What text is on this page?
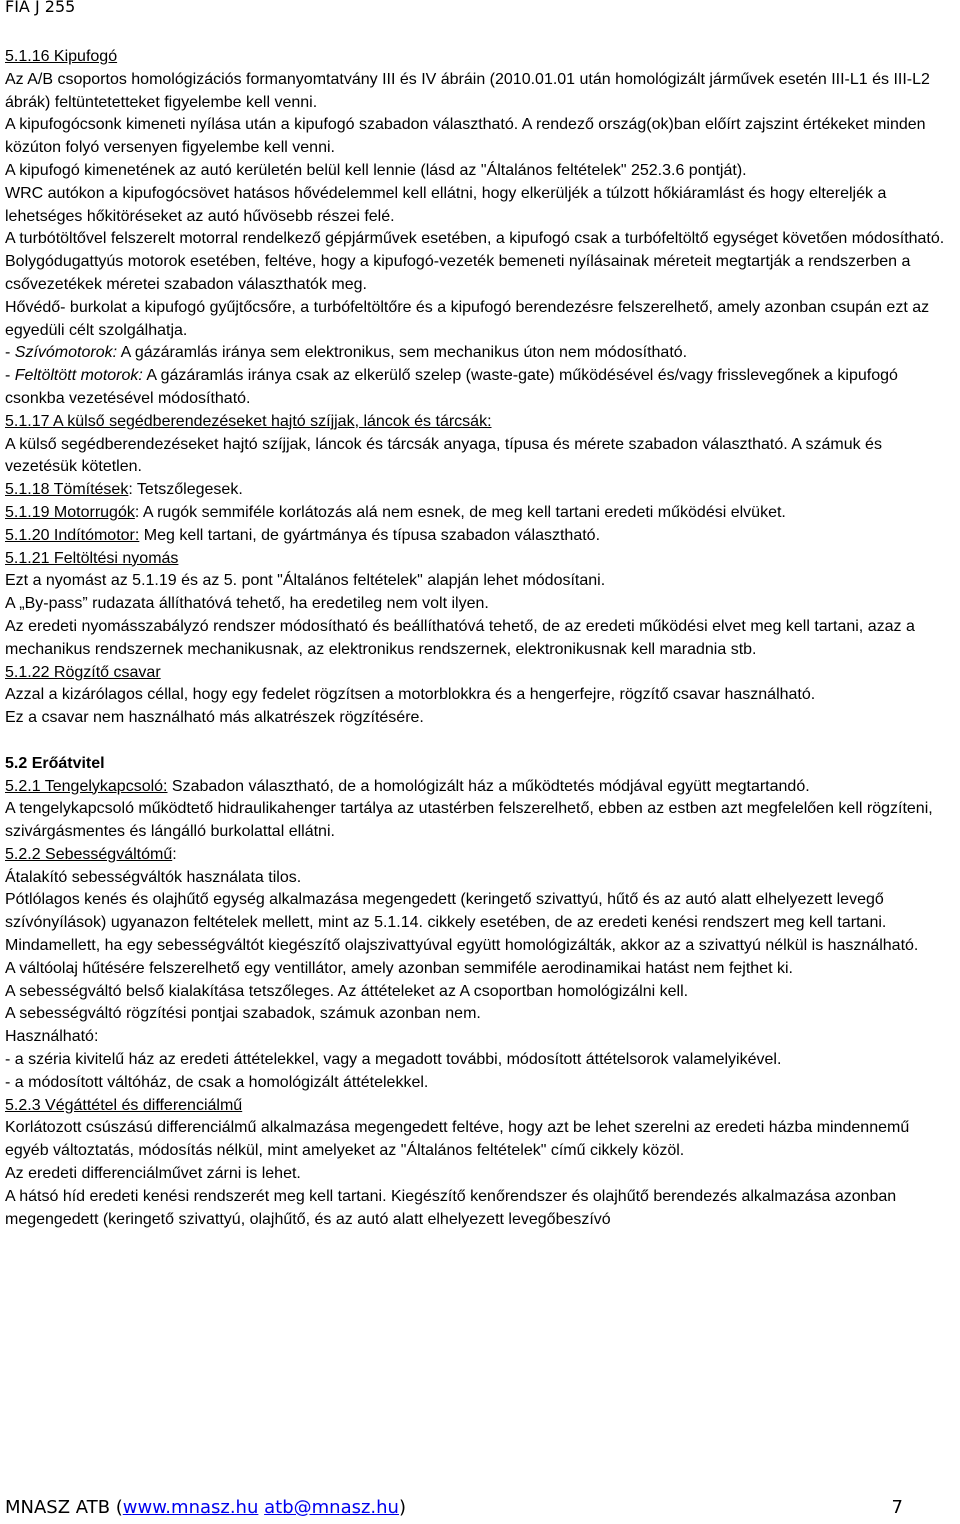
FIA J 255

5.1.16 Kipufogó

Az A/B csoportos homológizációs formanyomtatvány III és IV ábráin (2010.01.01 után homológizált járművek esetén III-L1 és III-L2 ábrák) feltüntetetteket figyelembe kell venni.

A kipufogócsonk kimeneti nyílása után a kipufogó szabadon választható. A rendező ország(ok)ban előírt zajszint értékeket minden közúton folyó versenyen figyelembe kell venni.

A kipufogó kimenetének az autó kerületén belül kell lennie (lásd az "Általános feltételek" 252.3.6 pontját).

WRC autókon a kipufogócsövet hatásos hővédelemmel kell ellátni, hogy elkerüljék a túlzott hőkiáramlást és hogy eltereljék a lehetséges hőkitöréseket az autó hűvösebb részei felé.

A turbótöltővel felszerelt motorral rendelkező gépjárművek esetében, a kipufogó csak a turbófeltöltő egységet követően módosítható.

Bolygódugattyús motorok esetében, feltéve, hogy a kipufogó-vezeték bemeneti nyílásainak méreteit megtartják a rendszerben a csővezetékek méretei szabadon választhatók meg.

Hővédő- burkolat a kipufogó gyűjtőcsőre, a turbófeltöltőre és a kipufogó berendezésre felszerelhető, amely azonban csupán ezt az egyedüli célt szolgálhatja.

- Szívómotorok: A gázáramlás iránya sem elektronikus, sem mechanikus úton nem módosítható.

- Feltöltött motorok: A gázáramlás iránya csak az elkerülő szelep (waste-gate) működésével és/vagy frisslevegőnek a kipufogó csonkba vezetésével módosítható.

5.1.17 A külső segédberendezéseket hajtó szíjjak, láncok és tárcsák:

A külső segédberendezéseket hajtó szíjjak, láncok és tárcsák anyaga, típusa és mérete szabadon választható. A számuk és vezetésük kötetlen.

5.1.18 Tömítések: Tetszőlegesek.

5.1.19 Motorrugók: A rugók semmiféle korlátozás alá nem esnek, de meg kell tartani eredeti működési elvüket.

5.1.20 Indítómotor: Meg kell tartani, de gyártmánya és típusa szabadon választható.

5.1.21 Feltöltési nyomás

Ezt a nyomást az 5.1.19 és az 5. pont "Általános feltételek" alapján lehet módosítani.

A „By-pass” rudazata állíthatóvá tehető, ha eredetileg nem volt ilyen.

Az eredeti nyomásszabályzó rendszer módosítható és beállíthatóvá tehető, de az eredeti működési elvet meg kell tartani, azaz a mechanikus rendszernek mechanikusnak, az elektronikus rendszernek, elektronikusnak kell maradnia stb.

5.1.22 Rögzítő csavar

Azzal a kizárólagos céllal, hogy egy fedelet rögzítsen a motorblokkra és a hengerfejre, rögzítő csavar használható.

Ez a csavar nem használható más alkatrészek rögzítésére.

5.2 Erőátvitel

5.2.1 Tengelykapcsoló: Szabadon választható, de a homológizált ház a működtetés módjával együtt megtartandó.

A tengelykapcsoló működtető hidraulikahenger tartálya az utastérben felszerelhető, ebben az estben azt megfelelően kell rögzíteni, szivárgásmentes és lángálló burkolattal ellátni.

5.2.2 Sebességváltómű:

Átalakító sebességváltók használata tilos.

Pótlólagos kenés és olajhűtő egység alkalmazása megengedett (keringető szivattyú, hűtő és az autó alatt elhelyezett levegő szívónyílások) ugyanazon feltételek mellett, mint az 5.1.14. cikkely esetében, de az eredeti kenési rendszert meg kell tartani.

Mindamellett, ha egy sebességváltót kiegészítő olajszivattyúval együtt homológizálták, akkor az a szivattyú nélkül is használható.

A váltóolaj hűtésére felszerelhető egy ventillátor, amely azonban semmiféle aerodinamikai hatást nem fejthet ki.

A sebességváltó belső kialakítása tetszőleges. Az áttételeket az A csoportban homológizálni kell.

A sebességváltó rögzítési pontjai szabadok, számuk azonban nem.

Használható:

- a széria kivitelű ház az eredeti áttételekkel, vagy a megadott további, módosított áttételsorok valamelyikével.

- a módosított váltóház, de csak a homológizált áttételekkel.

5.2.3 Végáttétel és differenciálmű

Korlátozott csúszású differenciálmű alkalmazása megengedett feltéve, hogy azt be lehet szerelni az eredeti házba mindennemű egyéb változtatás, módosítás nélkül, mint amelyeket az "Általános feltételek" című cikkely közöl.

Az eredeti differenciálművet zárni is lehet.

A hátsó híd eredeti kenési rendszerét meg kell tartani. Kiegészítő kenőrendszer és olajhűtő berendezés alkalmazása azonban megengedett (keringető szivattyú, olajhűtő, és az autó alatt elhelyezett levegőbeszívó

MNASZ ATB (www.mnasz.hu atb@mnasz.hu)	7
